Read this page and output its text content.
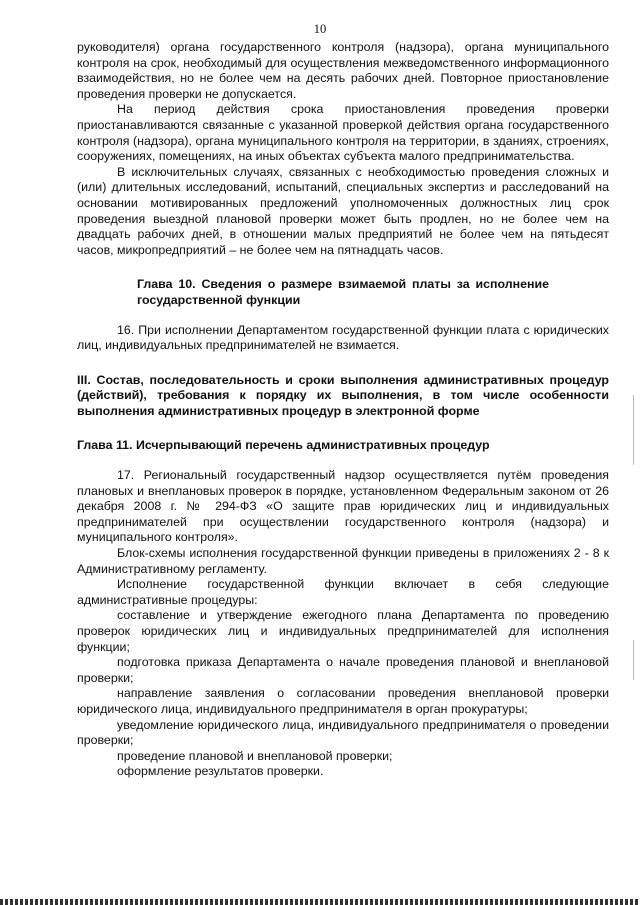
10

руководителя) органа государственного контроля (надзора), органа муниципального контроля на срок, необходимый для осуществления межведомственного информационного взаимодействия, но не более чем на десять рабочих дней. Повторное приостановление проведения проверки не допускается.

На период действия срока приостановления проведения проверки приостанавливаются связанные с указанной проверкой действия органа государственного контроля (надзора), органа муниципального контроля на территории, в зданиях, строениях, сооружениях, помещениях, на иных объектах субъекта малого предпринимательства.

В исключительных случаях, связанных с необходимостью проведения сложных и (или) длительных исследований, испытаний, специальных экспертиз и расследований на основании мотивированных предложений уполномоченных должностных лиц срок проведения выездной плановой проверки может быть продлен, но не более чем на двадцать рабочих дней, в отношении малых предприятий не более чем на пятьдесят часов, микропредприятий – не более чем на пятнадцать часов.

Глава 10. Сведения о размере взимаемой платы за исполнение государственной функции

16. При исполнении Департаментом государственной функции плата с юридических лиц, индивидуальных предпринимателей не взимается.

III. Состав, последовательность и сроки выполнения административных процедур (действий), требования к порядку их выполнения, в том числе особенности выполнения административных процедур в электронной форме

Глава 11. Исчерпывающий перечень административных процедур

17. Региональный государственный надзор осуществляется путём проведения плановых и внеплановых проверок в порядке, установленном Федеральным законом от 26 декабря 2008 г. № 294-ФЗ «О защите прав юридических лиц и индивидуальных предпринимателей при осуществлении государственного контроля (надзора) и муниципального контроля».

Блок-схемы исполнения государственной функции приведены в приложениях 2 - 8 к Административному регламенту.

Исполнение государственной функции включает в себя следующие административные процедуры:

составление и утверждение ежегодного плана Департамента по проведению проверок юридических лиц и индивидуальных предпринимателей для исполнения функции;

подготовка приказа Департамента о начале проведения плановой и внеплановой проверки;

направление заявления о согласовании проведения внеплановой проверки юридического лица, индивидуального предпринимателя в орган прокуратуры;

уведомление юридического лица, индивидуального предпринимателя о проведении проверки;

проведение плановой и внеплановой проверки;

оформление результатов проверки.
